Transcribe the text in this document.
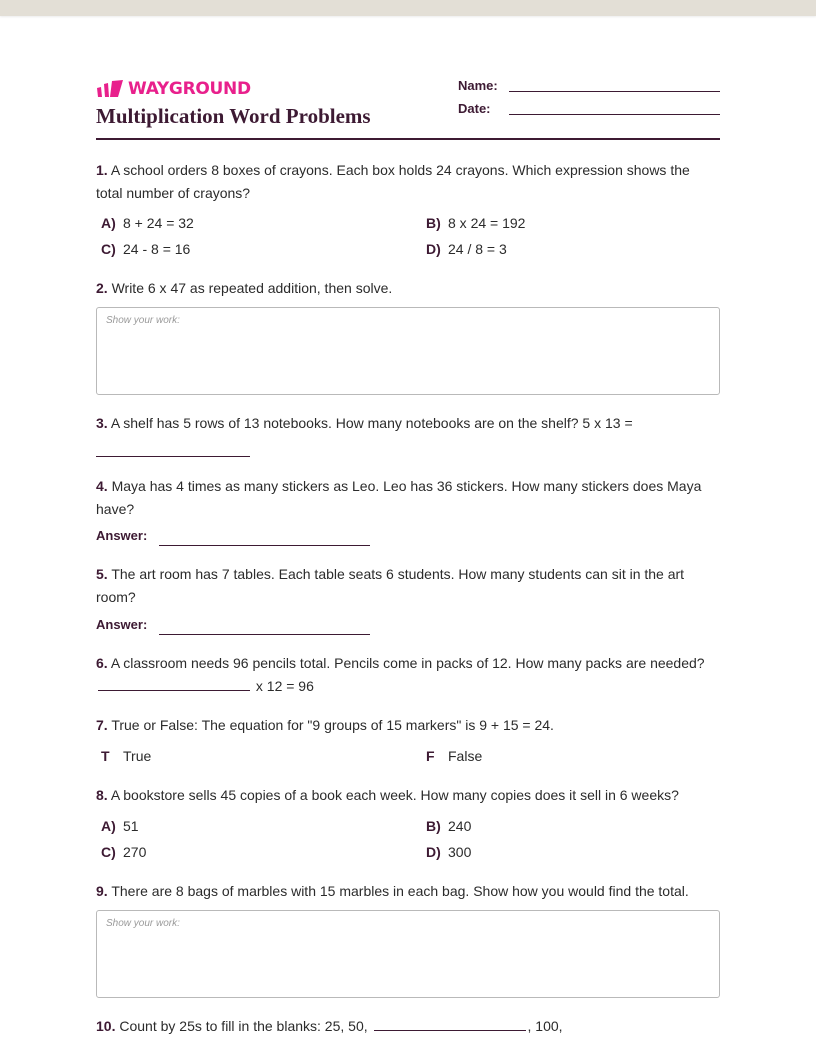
WAYGROUND
Multiplication Word Problems
Name:
Date:
1. A school orders 8 boxes of crayons. Each box holds 24 crayons. Which expression shows the total number of crayons?
A) 8 + 24 = 32	B) 8 x 24 = 192
C) 24 - 8 = 16	D) 24 / 8 = 3
2. Write 6 x 47 as repeated addition, then solve.
Show your work:
3. A shelf has 5 rows of 13 notebooks. How many notebooks are on the shelf? 5 x 13 =
4. Maya has 4 times as many stickers as Leo. Leo has 36 stickers. How many stickers does Maya have?
Answer:
5. The art room has 7 tables. Each table seats 6 students. How many students can sit in the art room?
Answer:
6. A classroom needs 96 pencils total. Pencils come in packs of 12. How many packs are needed?  x 12 = 96
7. True or False: The equation for "9 groups of 15 markers" is 9 + 15 = 24.
T True	F False
8. A bookstore sells 45 copies of a book each week. How many copies does it sell in 6 weeks?
A) 51	B) 240
C) 270	D) 300
9. There are 8 bags of marbles with 15 marbles in each bag. Show how you would find the total.
Show your work:
10. Count by 25s to fill in the blanks: 25, 50,	, 100,
